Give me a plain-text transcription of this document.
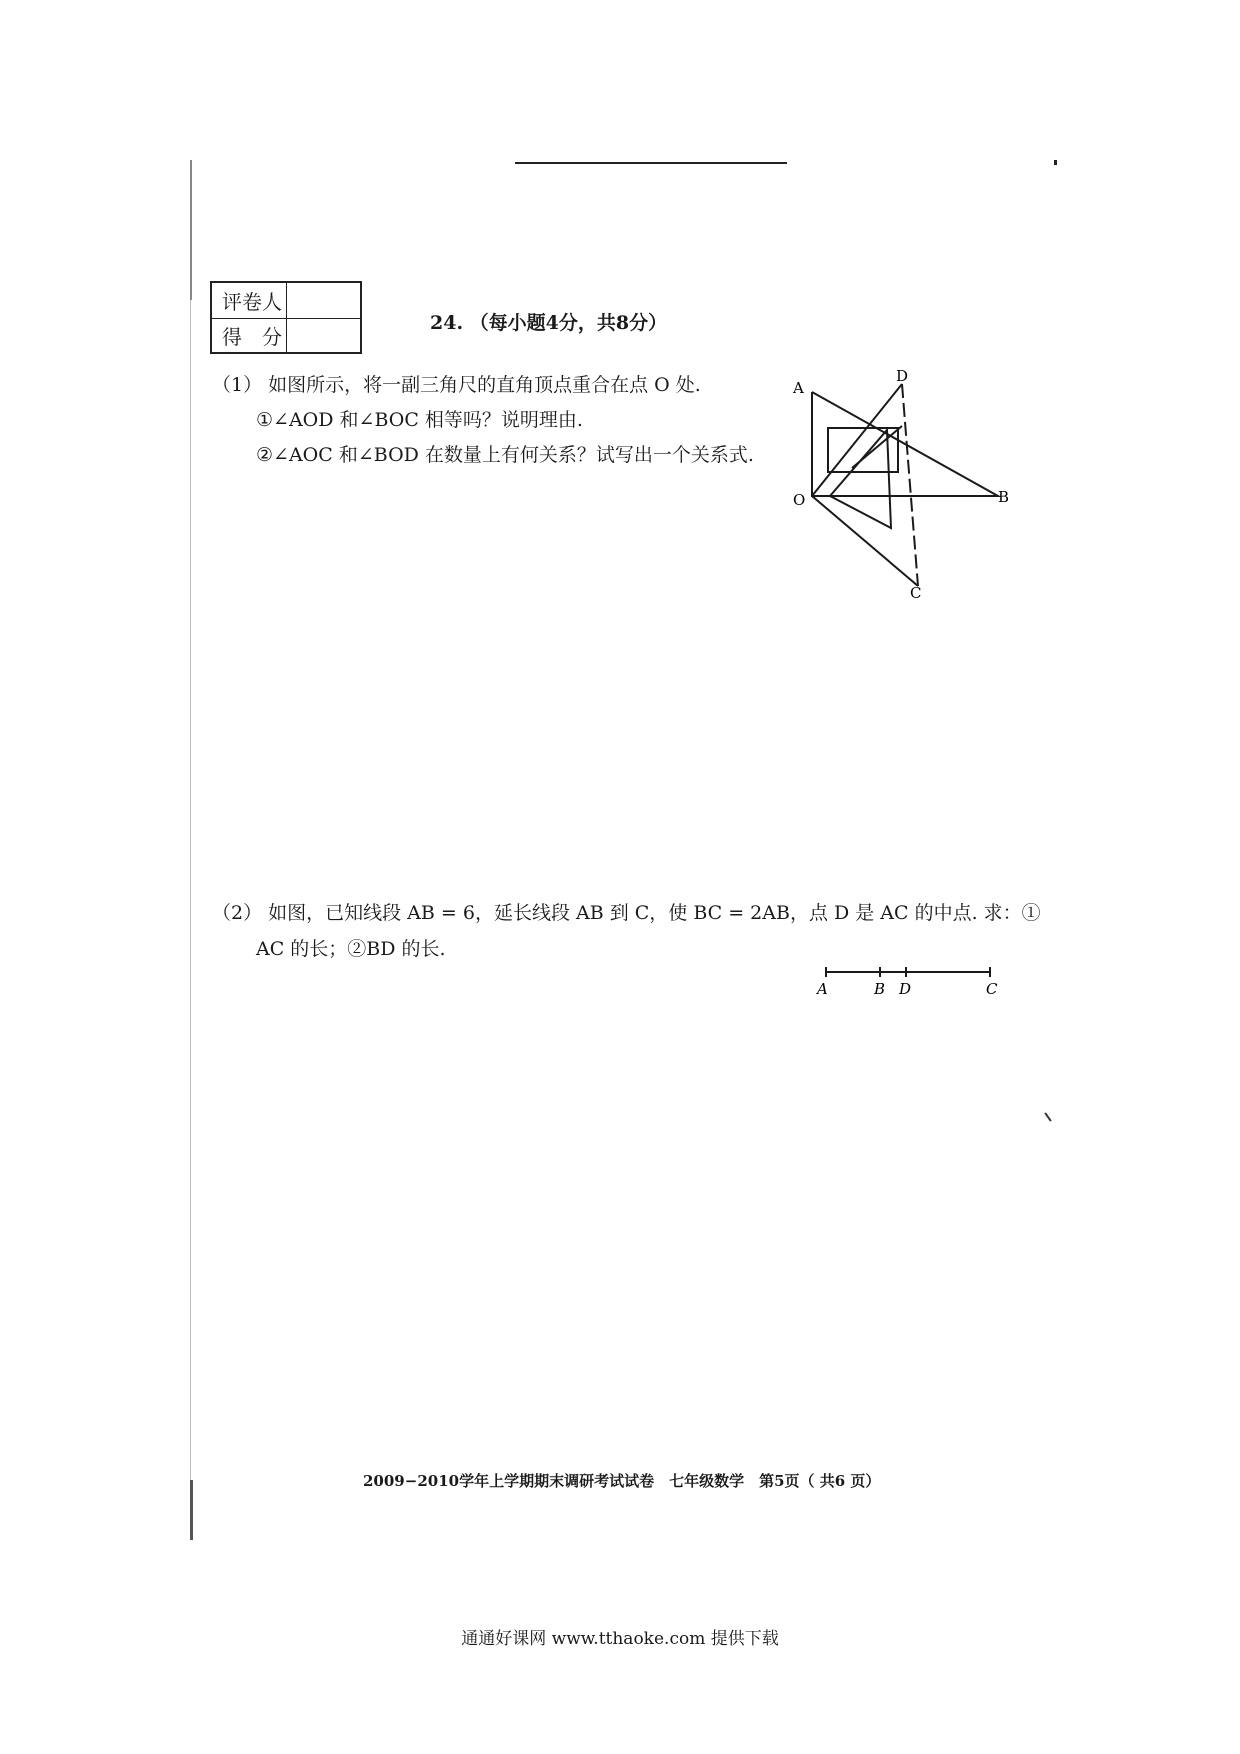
评卷人
得　分
24. （每小题4分，共8分）
（1） 如图所示，将一副三角尺的直角顶点重合在点 O 处.
①∠AOD 和∠BOC 相等吗？说明理由.
②∠AOC 和∠BOD 在数量上有何关系？试写出一个关系式.
A
D
O	B
C
（2） 如图，已知线段 AB = 6，延长线段 AB 到 C，使 BC = 2AB，点 D 是 AC 的中点. 求：①
AC 的长；②BD 的长.
A	B D	C
2009−2010学年上学期期末调研考试试卷　七年级数学　第5页（ 共6 页）
通通好课网 www.tthaoke.com 提供下载
